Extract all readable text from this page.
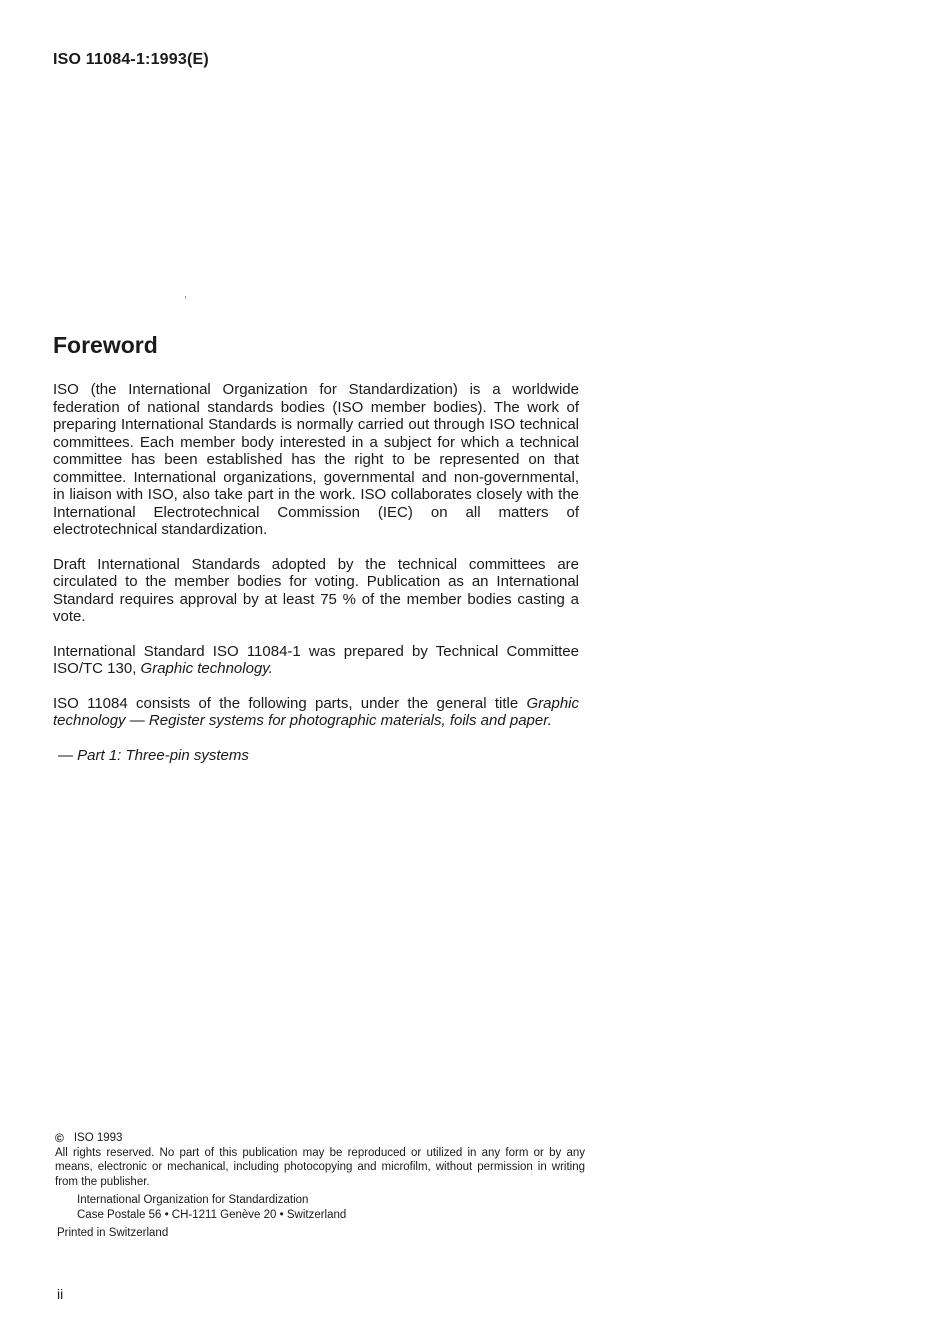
ISO 11084-1:1993(E)
Foreword

ISO (the International Organization for Standardization) is a worldwide federation of national standards bodies (ISO member bodies). The work of preparing International Standards is normally carried out through ISO technical committees. Each member body interested in a subject for which a technical committee has been established has the right to be represented on that committee. International organizations, governmental and non-governmental, in liaison with ISO, also take part in the work. ISO collaborates closely with the International Electrotechnical Commission (IEC) on all matters of electrotechnical standardization.

Draft International Standards adopted by the technical committees are circulated to the member bodies for voting. Publication as an International Standard requires approval by at least 75 % of the member bodies casting a vote.

International Standard ISO 11084-1 was prepared by Technical Committee ISO/TC 130, Graphic technology.

ISO 11084 consists of the following parts, under the general title Graphic technology — Register systems for photographic materials, foils and paper.

— Part 1: Three-pin systems

© ISO 1993
All rights reserved. No part of this publication may be reproduced or utilized in any form or by any means, electronic or mechanical, including photocopying and microfilm, without permission in writing from the publisher.
International Organization for Standardization
Case Postale 56 • CH-1211 Genève 20 • Switzerland
Printed in Switzerland
ii
